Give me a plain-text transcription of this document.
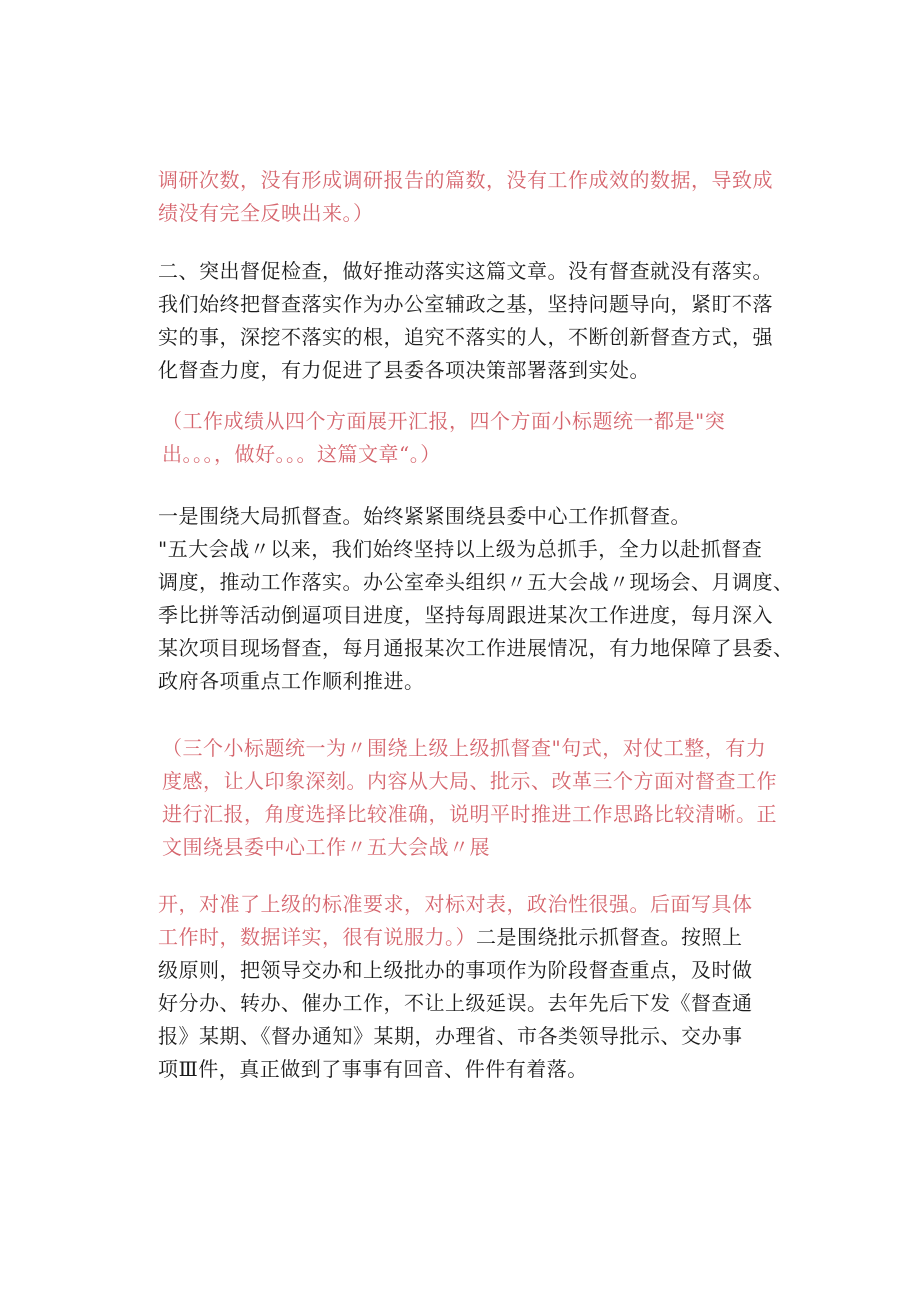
调研次数，没有形成调研报告的篇数，没有工作成效的数据，导致成
绩没有完全反映出来。）
二、突出督促检查，做好推动落实这篇文章。没有督查就没有落实。
我们始终把督查落实作为办公室辅政之基，坚持问题导向，紧盯不落
实的事，深挖不落实的根，追究不落实的人，不断创新督查方式，强
化督查力度，有力促进了县委各项决策部署落到实处。
（工作成绩从四个方面展开汇报，四个方面小标题统一都是"突
出。。。，做好。。。这篇文章“。）
一是围绕大局抓督查。始终紧紧围绕县委中心工作抓督查。
"五大会战〃以来，我们始终坚持以上级为总抓手，全力以赴抓督查
调度，推动工作落实。办公室牵头组织〃五大会战〃现场会、月调度、
季比拼等活动倒逼项目进度，坚持每周跟进某次工作进度，每月深入
某次项目现场督查，每月通报某次工作进展情况，有力地保障了县委、
政府各项重点工作顺利推进。
（三个小标题统一为〃围绕上级上级抓督查"句式，对仗工整，有力
度感，让人印象深刻。内容从大局、批示、改革三个方面对督查工作
进行汇报，角度选择比较准确，说明平时推进工作思路比较清晰。正
文围绕县委中心工作〃五大会战〃展
开，对准了上级的标准要求，对标对表，政治性很强。后面写具体
工作时，数据详实，很有说服力。）二是围绕批示抓督查。按照上
级原则，把领导交办和上级批办的事项作为阶段督查重点，及时做
好分办、转办、催办工作，不让上级延误。去年先后下发《督查通
报》某期、《督办通知》某期，办理省、市各类领导批示、交办事
项Ⅲ件，真正做到了事事有回音、件件有着落。
